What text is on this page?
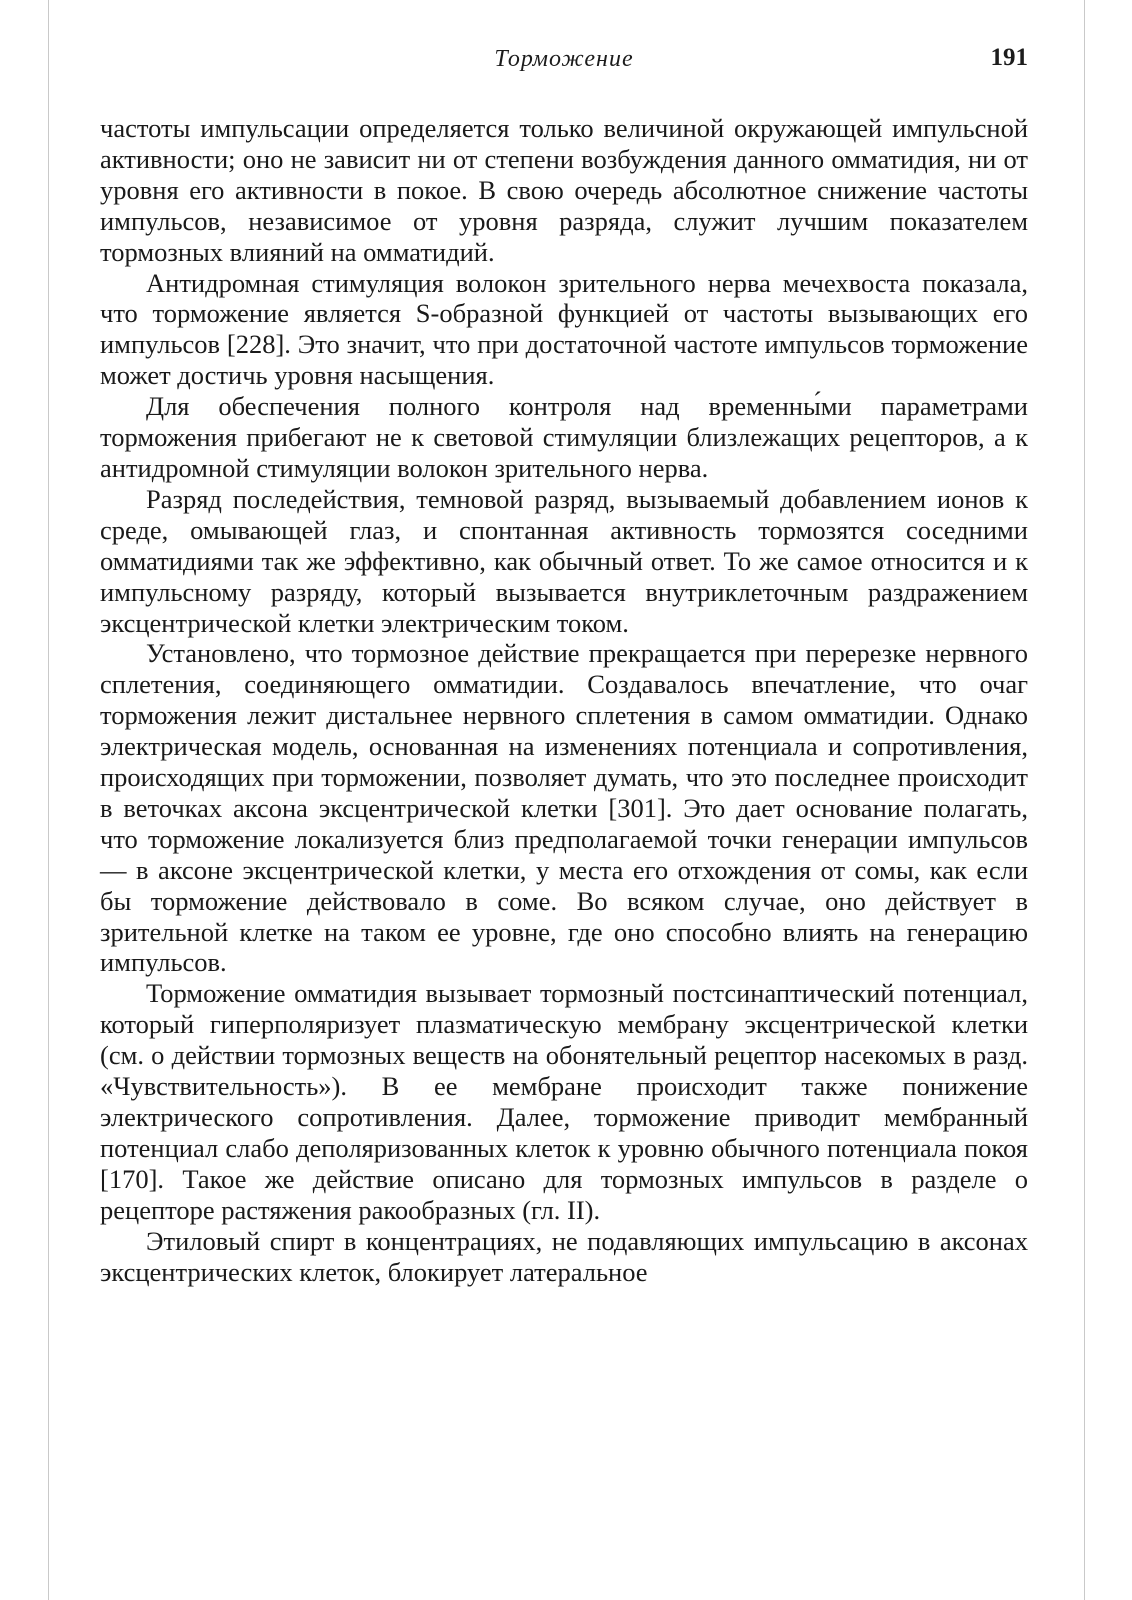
Торможение	191

частоты импульсации определяется только величиной окружающей импульсной активности; оно не зависит ни от степени возбуждения данного омматидия, ни от уровня его активности в покое. В свою очередь абсолютное снижение частоты импульсов, независимое от уровня разряда, служит лучшим показателем тормозных влияний на омматидий.

Антидромная стимуляция волокон зрительного нерва мечехвоста показала, что торможение является S-образной функцией от частоты вызывающих его импульсов [228]. Это значит, что при достаточной частоте импульсов торможение может достичь уровня насыщения.

Для обеспечения полного контроля над временны́ми параметрами торможения прибегают не к световой стимуляции близлежащих рецепторов, а к антидромной стимуляции волокон зрительного нерва.

Разряд последействия, темновой разряд, вызываемый добавлением ионов к среде, омывающей глаз, и спонтанная активность тормозятся соседними омматидиями так же эффективно, как обычный ответ. То же самое относится и к импульсному разряду, который вызывается внутриклеточным раздражением эксцентрической клетки электрическим током.

Установлено, что тормозное действие прекращается при перерезке нервного сплетения, соединяющего омматидии. Создавалось впечатление, что очаг торможения лежит дистальнее нервного сплетения в самом омматидии. Однако электрическая модель, основанная на изменениях потенциала и сопротивления, происходящих при торможении, позволяет думать, что это последнее происходит в веточках аксона эксцентрической клетки [301]. Это дает основание полагать, что торможение локализуется близ предполагаемой точки генерации импульсов — в аксоне эксцентрической клетки, у места его отхождения от сомы, как если бы торможение действовало в соме. Во всяком случае, оно действует в зрительной клетке на таком ее уровне, где оно способно влиять на генерацию импульсов.

Торможение омматидия вызывает тормозный постсинаптический потенциал, который гиперполяризует плазматическую мембрану эксцентрической клетки (см. о действии тормозных веществ на обонятельный рецептор насекомых в разд. «Чувствительность»). В ее мембране происходит также понижение электрического сопротивления. Далее, торможение приводит мембранный потенциал слабо деполяризованных клеток к уровню обычного потенциала покоя [170]. Такое же действие описано для тормозных импульсов в разделе о рецепторе растяжения ракообразных (гл. II).

Этиловый спирт в концентрациях, не подавляющих импульсацию в аксонах эксцентрических клеток, блокирует латеральное
